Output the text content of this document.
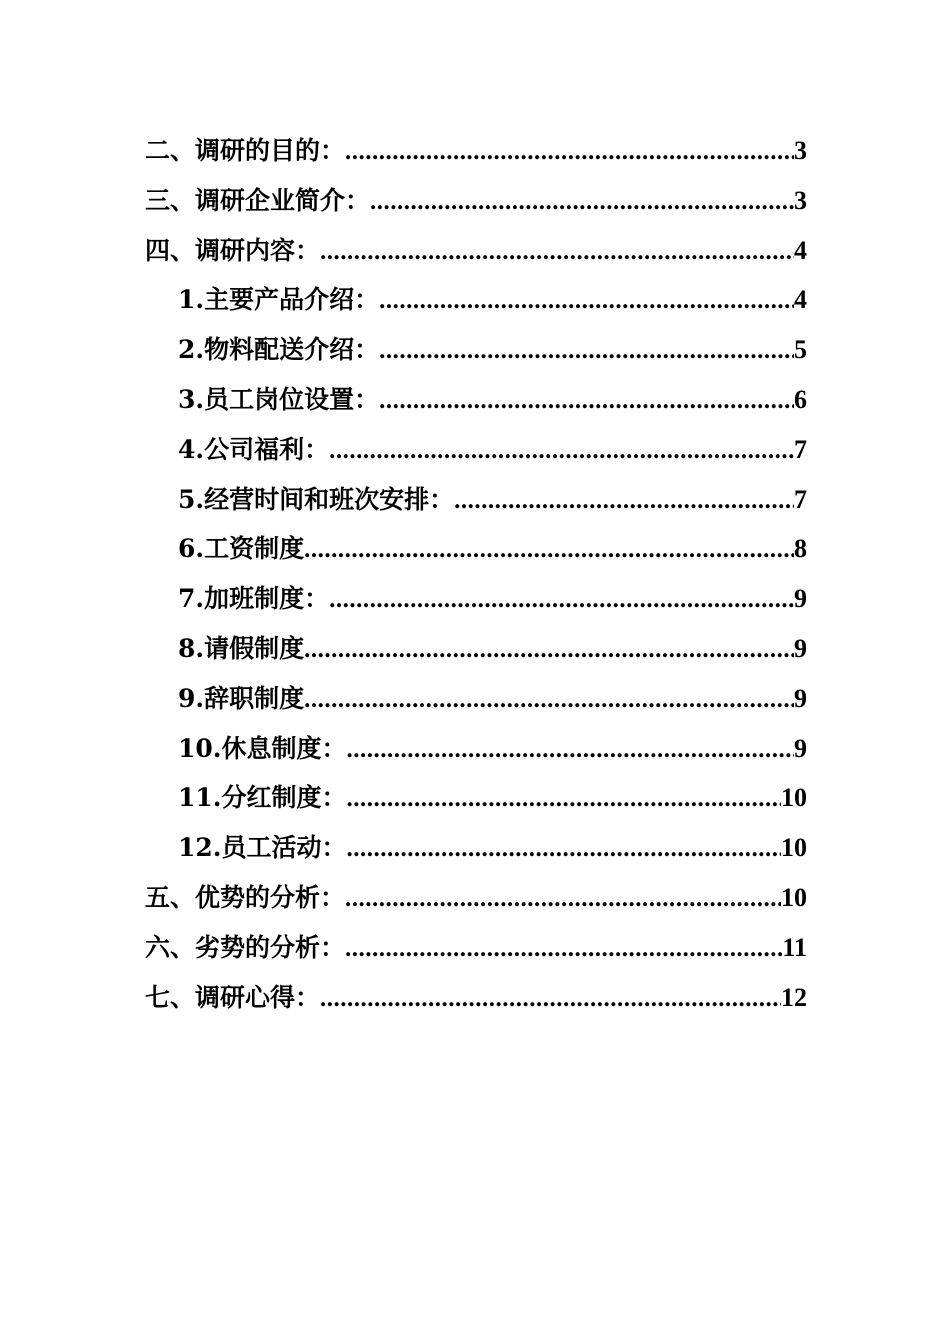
二、调研的目的： .....	3
三、调研企业简介： .....	3
四、调研内容： .....	4
1.主要产品介绍： .....	4
2.物料配送介绍： .....	5
3.员工岗位设置： .....	6
4.公司福利： .....	7
5.经营时间和班次安排： .....	7
6.工资制度 .....	8
7.加班制度： .....	9
8.请假制度 .....	9
9.辞职制度 .....	9
10.休息制度： .....	9
11.分红制度： .....	10
12.员工活动： .....	10
五、优势的分析： .....	10
六、劣势的分析： .....	11
七、调研心得： .....	12
